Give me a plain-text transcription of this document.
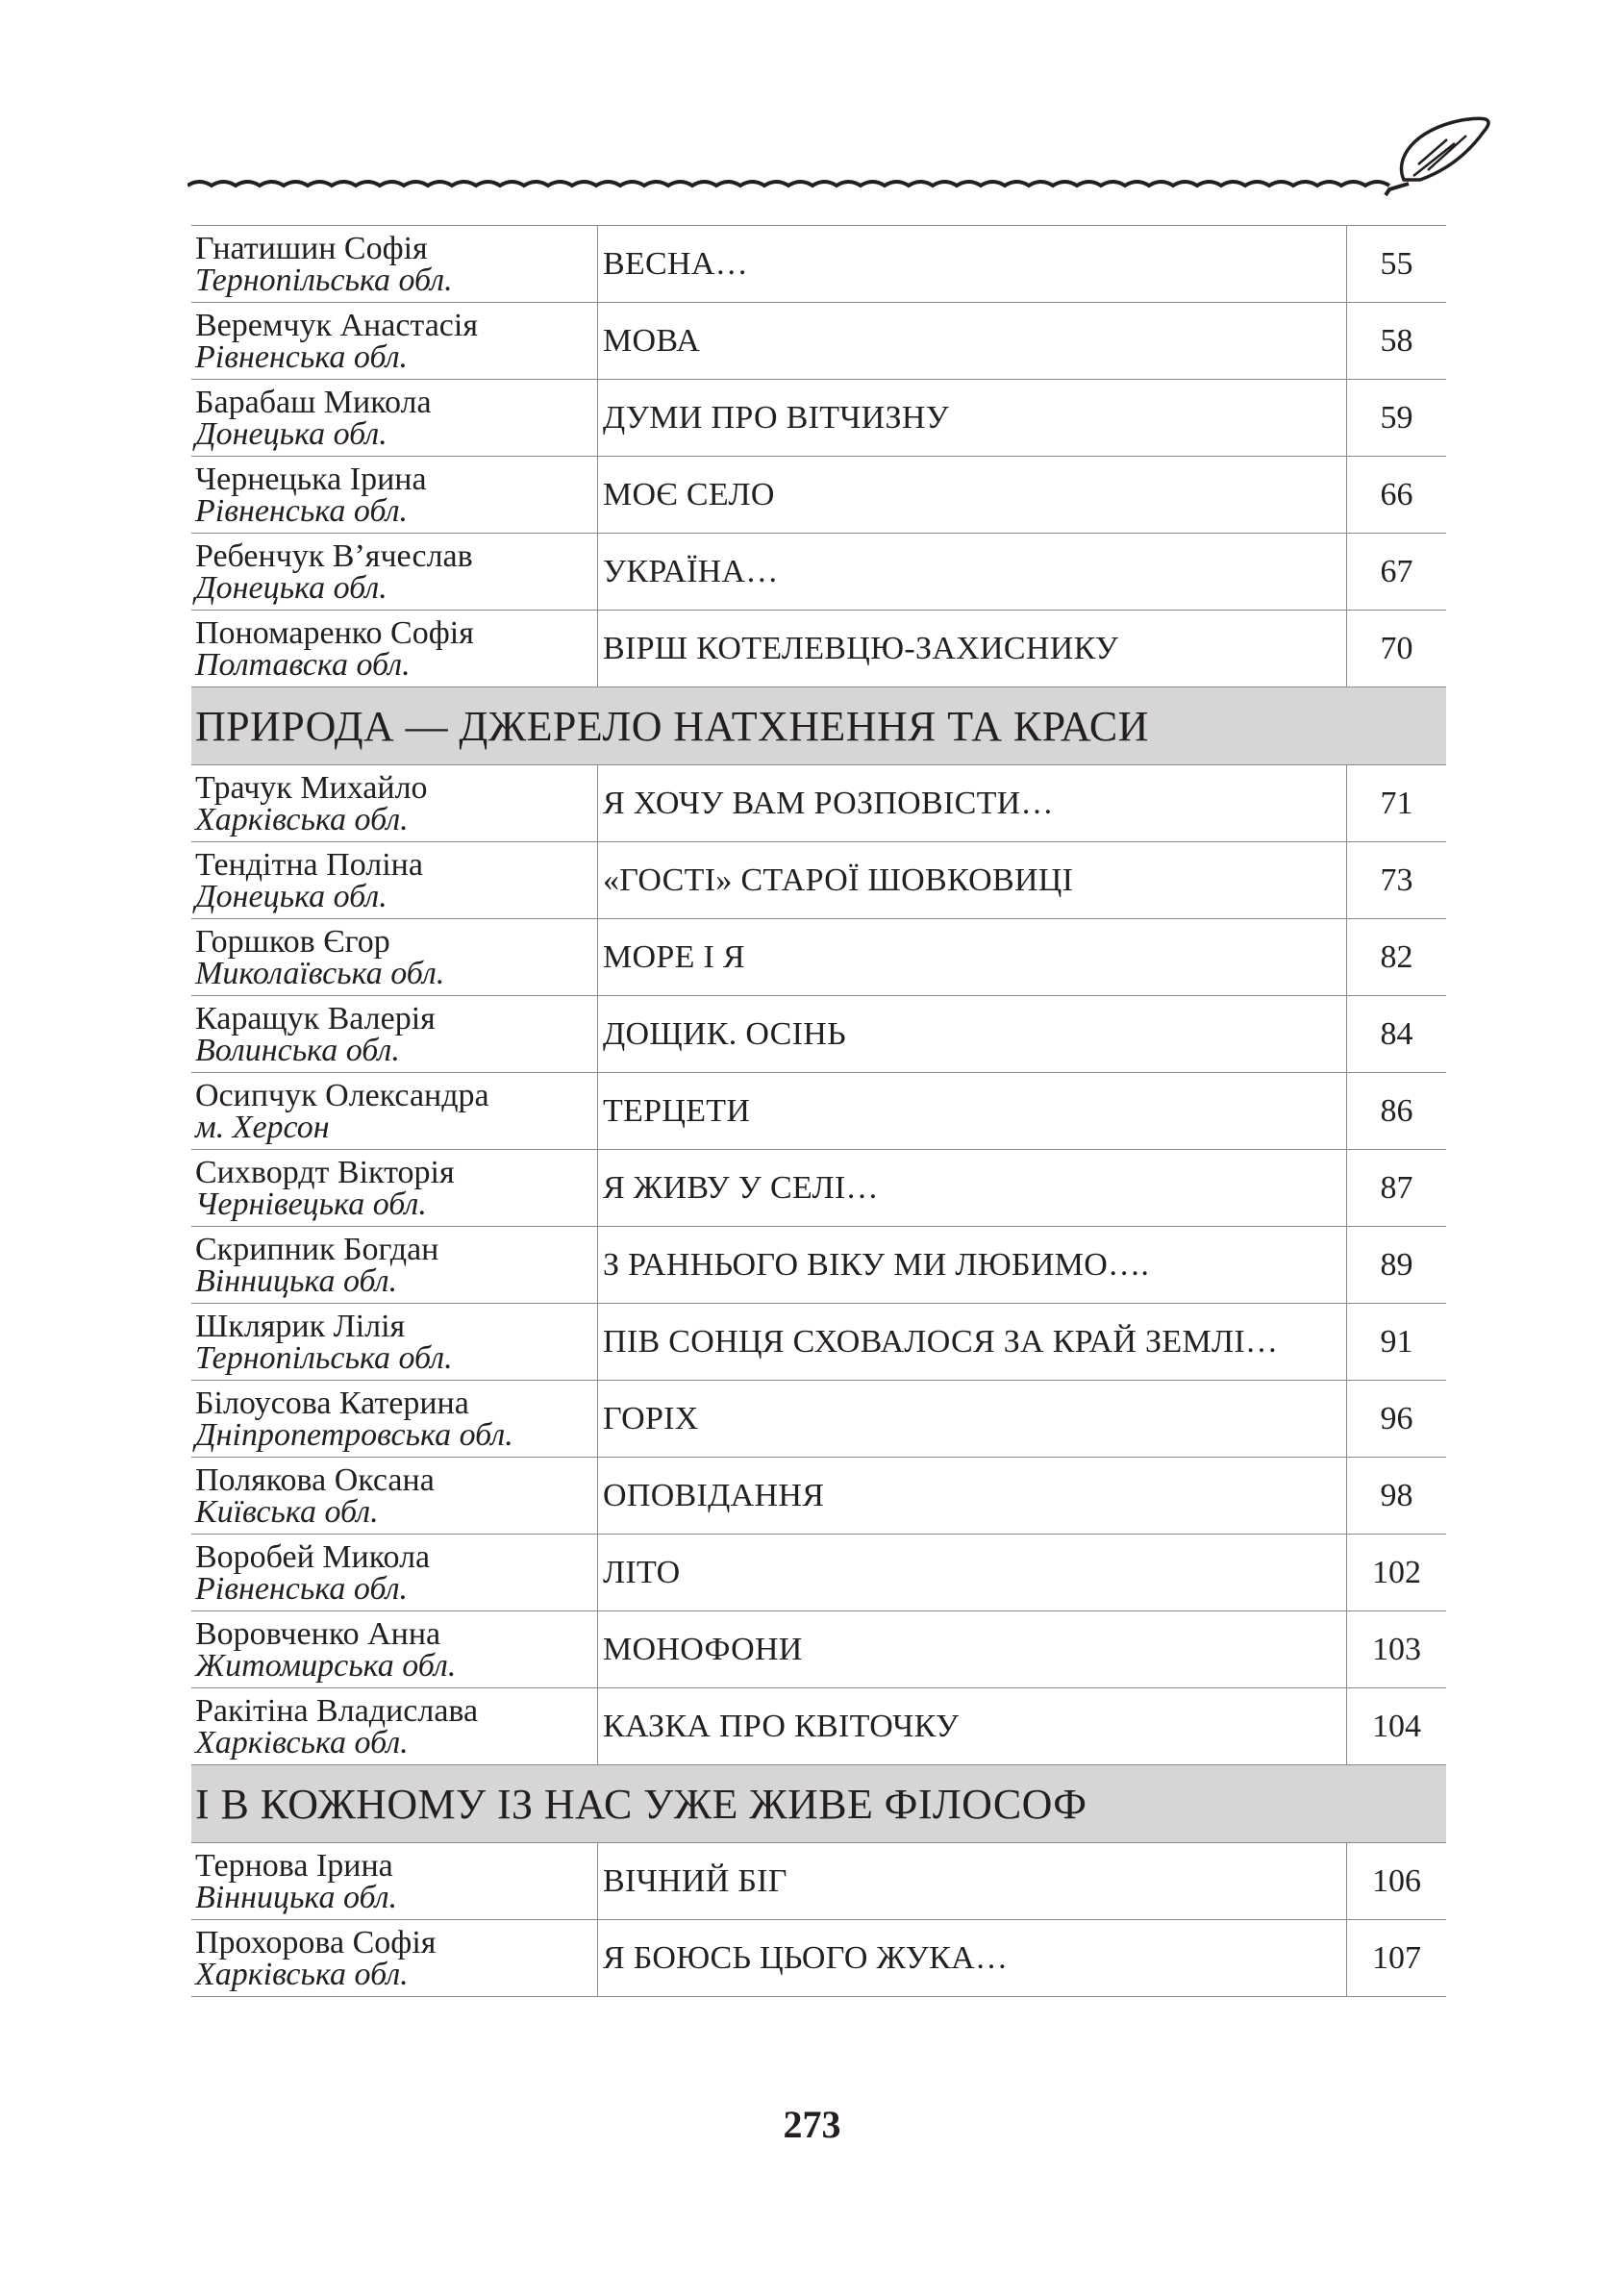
Гнатишин Софія
Тернопільська обл.	ВЕСНА…	55

Веремчук Анастасія
Рівненська обл.	МОВА	58

Барабаш Микола
Донецька обл.	ДУМИ ПРО ВІТЧИЗНУ	59

Чернецька Ірина
Рівненська обл.	МОЄ СЕЛО	66

Ребенчук В’ячеслав
Донецька обл.	УКРАЇНА…	67

Пономаренко Софія
Полтавска обл.	ВІРШ КОТЕЛЕВЦЮ-ЗАХИСНИКУ	70

ПРИРОДА — ДЖЕРЕЛО НАТХНЕННЯ ТА КРАСИ		

Трачук Михайло
Харківська обл.	Я ХОЧУ ВАМ РОЗПОВІСТИ…	71

Тендітна Поліна
Донецька обл.	«ГОСТІ» СТАРОЇ ШОВКОВИЦІ	73

Горшков Єгор
Миколаївська обл.	МОРЕ І Я	82

Каращук Валерія
Волинська обл.	ДОЩИК. ОСІНЬ	84

Осипчук Олександра
м. Херсон	ТЕРЦЕТИ	86

Сихвордт Вікторія
Чернівецька обл.	Я ЖИВУ У СЕЛІ…	87

Скрипник Богдан
Вінницька обл.	З РАННЬОГО ВІКУ МИ ЛЮБИМО….	89

Шклярик Лілія
Тернопільська обл.	ПІВ СОНЦЯ СХОВАЛОСЯ ЗА КРАЙ ЗЕМЛІ…	91

Білоусова Катерина
Дніпропетровська обл.	ГОРІХ	96

Полякова Оксана
Київська обл.	ОПОВІДАННЯ	98

Воробей Микола
Рівненська обл.	ЛІТО	102

Воровченко Анна
Житомирська обл.	МОНОФОНИ	103

Ракітіна Владислава
Харківська обл.	КАЗКА ПРО КВІТОЧКУ	104

І В КОЖНОМУ ІЗ НАС УЖЕ ЖИВЕ ФІЛОСОФ		

Тернова Ірина
Вінницька обл.	ВІЧНИЙ БІГ	106

Прохорова Софія
Харківська обл.	Я БОЮСЬ ЦЬОГО ЖУКА…	107
273
